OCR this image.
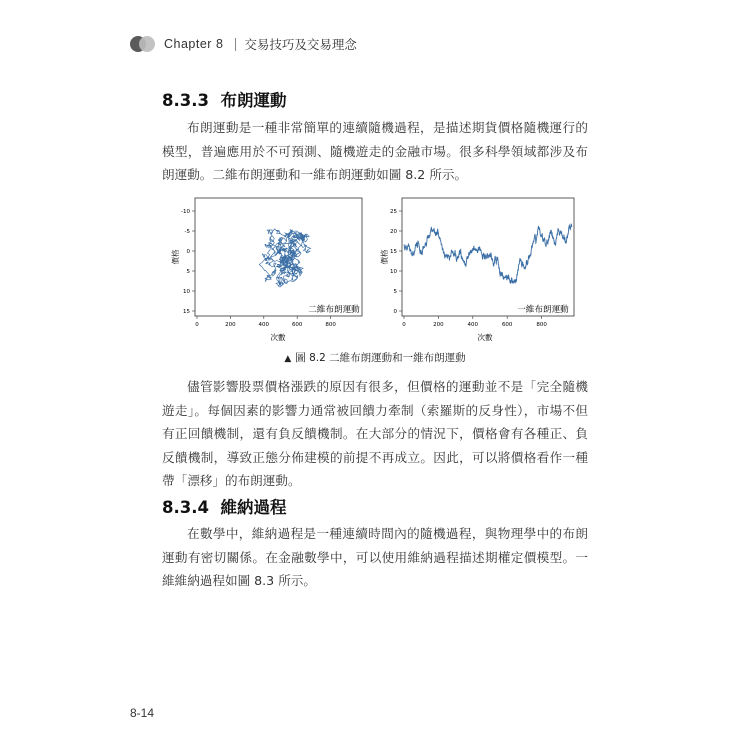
Chapter 8 交易技巧及交易理念
8.3.3 布朗運動

布朗運動是一種非常簡單的連續隨機過程，是描述期貨價格隨機運行的模型，普遍應用於不可預測、隨機遊走的金融市場。很多科學領域都涉及布朗運動。二維布朗運動和一維布朗運動如圖 8.2 所示。

0	200	400	600	800
-10
-5
0
5
10
15	二維布朗運動
價格
次數
0	200	400	600	800
25
20
15
10
5
0	一維布朗運動
價格
次數
▲ 圖 8.2 二維布朗運動和一維布朗運動

儘管影響股票價格漲跌的原因有很多，但價格的運動並不是「完全隨機遊走」。每個因素的影響力通常被回饋力牽制（索羅斯的反身性），市場不但有正回饋機制，還有負反饋機制。在大部分的情況下，價格會有各種正、負反饋機制，導致正態分佈建模的前提不再成立。因此，可以將價格看作一種帶「漂移」的布朗運動。

8.3.4 維納過程

在數學中，維納過程是一種連續時間內的隨機過程，與物理學中的布朗運動有密切關係。在金融數學中，可以使用維納過程描述期權定價模型。一維維納過程如圖 8.3 所示。

8-14
